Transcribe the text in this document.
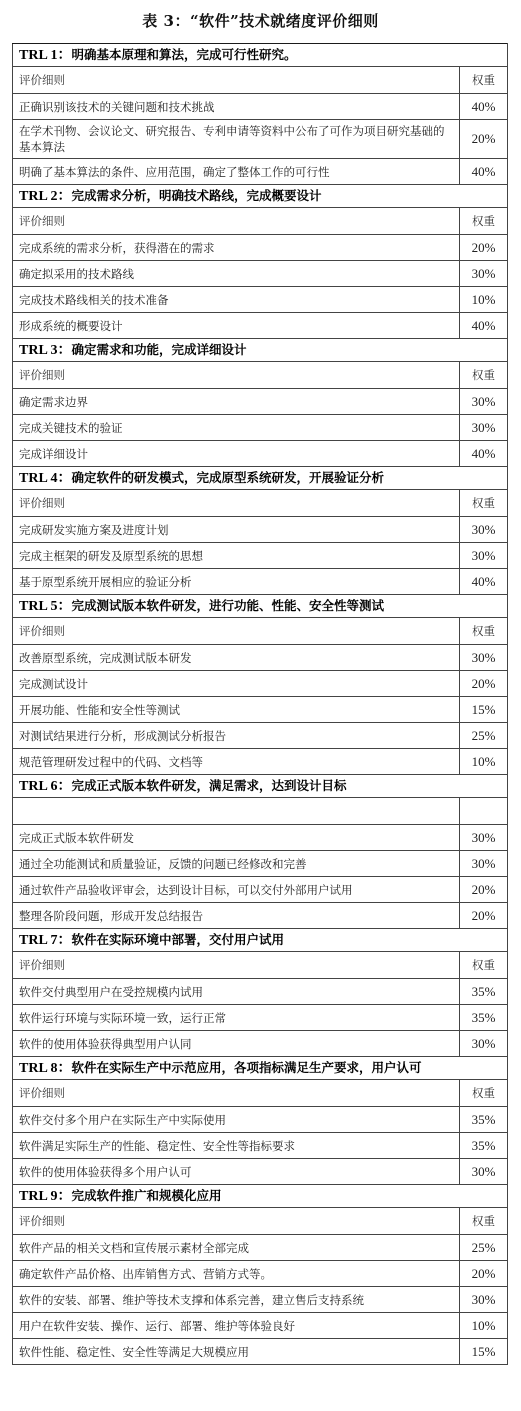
表 3：“软件”技术就绪度评价细则
TRL 1：明确基本原理和算法，完成可行性研究。	
评价细则	权重
正确识别该技术的关键问题和技术挑战	40%
在学术刊物、会议论文、研究报告、专利申请等资料中公布了可作为项目研究基础的基本算法	20%
明确了基本算法的条件、应用范围，确定了整体工作的可行性	40%
TRL 2：完成需求分析，明确技术路线，完成概要设计	
评价细则	权重
完成系统的需求分析，获得潜在的需求	20%
确定拟采用的技术路线	30%
完成技术路线相关的技术准备	10%
形成系统的概要设计	40%
TRL 3：确定需求和功能，完成详细设计	
评价细则	权重
确定需求边界	30%
完成关键技术的验证	30%
完成详细设计	40%
TRL 4：确定软件的研发模式，完成原型系统研发，开展验证分析	
评价细则	权重
完成研发实施方案及进度计划	30%
完成主框架的研发及原型系统的思想	30%
基于原型系统开展相应的验证分析	40%
TRL 5：完成测试版本软件研发，进行功能、性能、安全性等测试	
评价细则	权重
改善原型系统，完成测试版本研发	30%
完成测试设计	20%
开展功能、性能和安全性等测试	15%
对测试结果进行分析，形成测试分析报告	25%
规范管理研发过程中的代码、文档等	10%
TRL 6：完成正式版本软件研发，满足需求，达到设计目标	

完成正式版本软件研发	30%
通过全功能测试和质量验证，反馈的问题已经修改和完善	30%
通过软件产品验收评审会，达到设计目标，可以交付外部用户试用	20%
整理各阶段问题，形成开发总结报告	20%
TRL 7：软件在实际环境中部署，交付用户试用	
评价细则	权重
软件交付典型用户在受控规模内试用	35%
软件运行环境与实际环境一致，运行正常	35%
软件的使用体验获得典型用户认同	30%
TRL 8：软件在实际生产中示范应用，各项指标满足生产要求，用户认可	
评价细则	权重
软件交付多个用户在实际生产中实际使用	35%
软件满足实际生产的性能、稳定性、安全性等指标要求	35%
软件的使用体验获得多个用户认可	30%
TRL 9：完成软件推广和规模化应用	
评价细则	权重
软件产品的相关文档和宣传展示素材全部完成	25%
确定软件产品价格、出库销售方式、营销方式等。	20%
软件的安装、部署、维护等技术支撑和体系完善，建立售后支持系统	30%
用户在软件安装、操作、运行、部署、维护等体验良好	10%
软件性能、稳定性、安全性等满足大规模应用	15%
